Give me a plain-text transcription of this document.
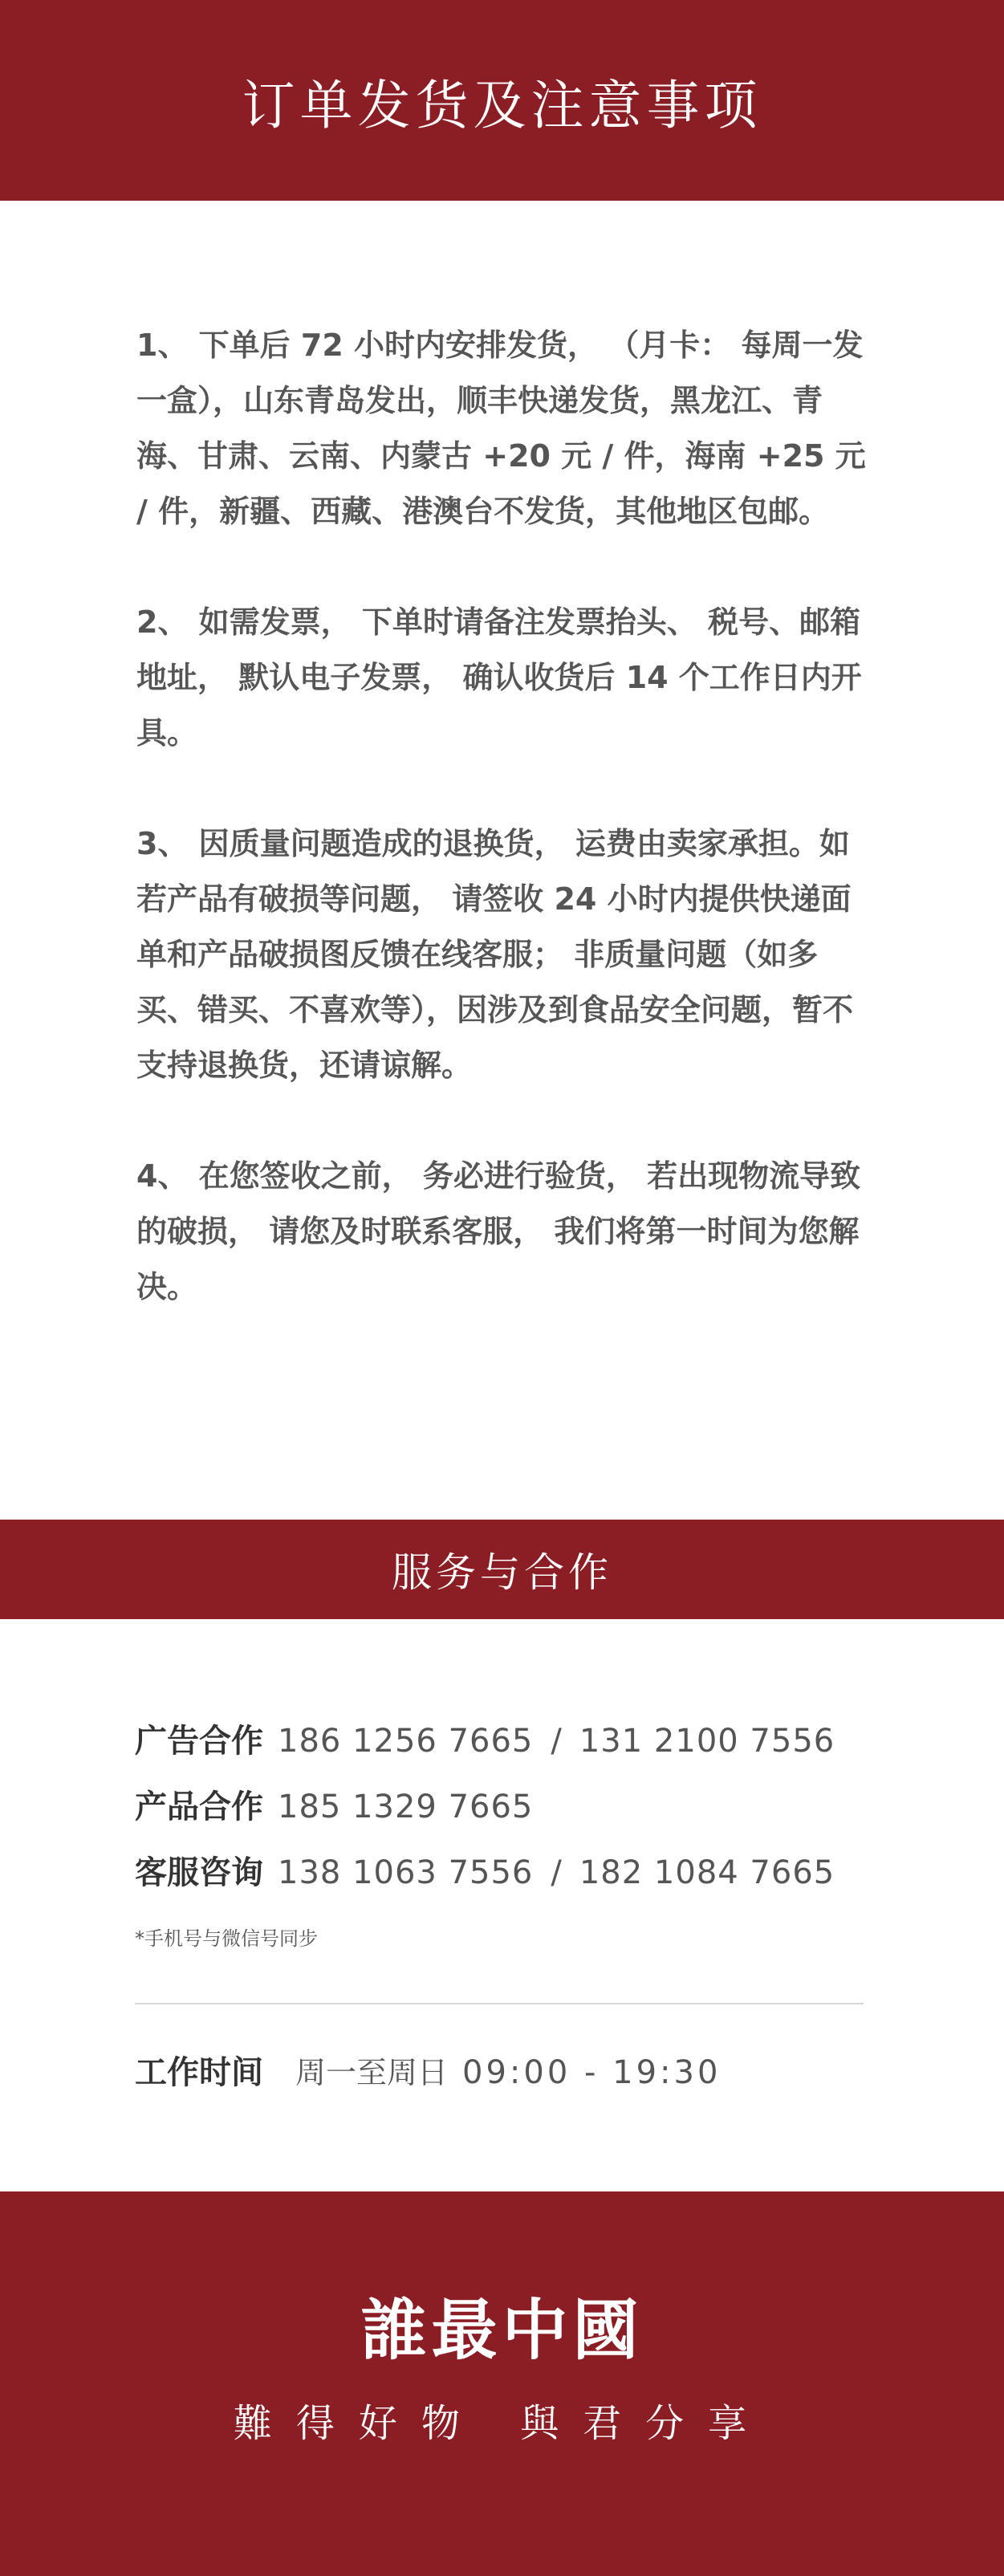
订单发货及注意事项

1、 下单后 72 小时内安排发货， （月卡： 每周一发一盒），山东青岛发出，顺丰快递发货，黑龙江、青海、甘肃、云南、内蒙古 +20 元 / 件，海南 +25 元 / 件，新疆、西藏、港澳台不发货，其他地区包邮。

2、 如需发票， 下单时请备注发票抬头、 税号、邮箱地址， 默认电子发票， 确认收货后 14 个工作日内开具。

3、 因质量问题造成的退换货， 运费由卖家承担。如若产品有破损等问题， 请签收 24 小时内提供快递面单和产品破损图反馈在线客服； 非质量问题（如多买、错买、不喜欢等），因涉及到食品安全问题，暂不支持退换货，还请谅解。

4、 在您签收之前， 务必进行验货， 若出现物流导致的破损， 请您及时联系客服， 我们将第一时间为您解决。

服务与合作
广告合作 186 1256 7665 / 131 2100 7556
产品合作 185 1329 7665
客服咨询 138 1063 7556 / 182 1084 7665
*手机号与微信号同步
工作时间 周一至周日 09:00 - 19:30
誰最中國
難得好物 與君分享
